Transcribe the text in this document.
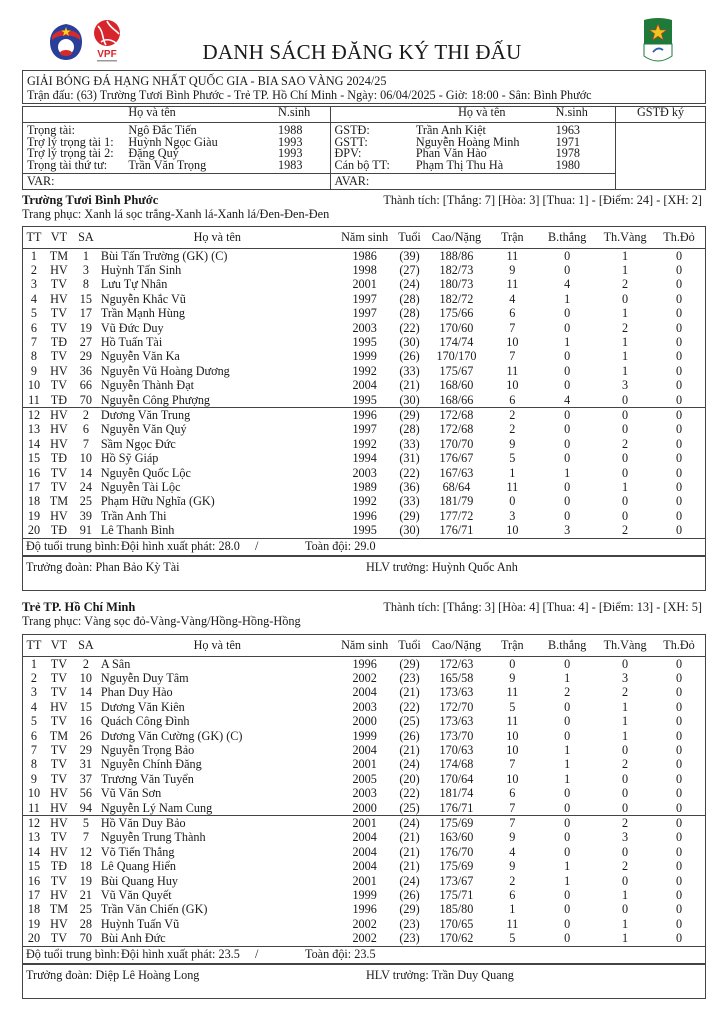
VPF	DANH SÁCH ĐĂNG KÝ THI ĐẤU
GIẢI BÓNG ĐÁ HẠNG NHẤT QUỐC GIA - BIA SAO VÀNG 2024/25
Trận đấu: (63) Trường Tươi Bình Phước - Trẻ TP. Hồ Chí Minh - Ngày: 06/04/2025 - Giờ: 18:00 - Sân: Bình Phước
	Họ và tên	N.sinh		Họ và tên	N.sinh	GSTĐ ký
Trọng tài:	Ngô Đắc Tiến	1988	GSTĐ:	Trần Anh Kiệt	1963	
Trợ lý trọng tài 1:	Huỳnh Ngọc Giàu	1993	GSTT:	Nguyễn Hoàng Minh	1971	
Trợ lý trọng tài 2:	Đặng Quý	1993	ĐPV:	Phan Văn Hào	1978	
Trọng tài thứ tư:	Trần Văn Trọng	1983	Cán bộ TT:	Phạm Thị Thu Hà	1980	
VAR:			AVAR:			
Trường Tươi Bình Phước	Thành tích: [Thắng: 7] [Hòa: 3] [Thua: 1] - [Điểm: 24] - [XH: 2]
Trang phục: Xanh lá sọc trắng-Xanh lá-Xanh lá/Đen-Đen-Đen
TT	VT	SA	Họ và tên	Năm sinh	Tuổi	Cao/Nặng	Trận	B.thắng	Th.Vàng	Th.Đỏ
1	TM	1	Bùi Tấn Trường (GK) (C)	1986	(39)	188/86	11	0	1	0
2	HV	3	Huỳnh Tấn Sinh	1998	(27)	182/73	9	0	1	0
3	TV	8	Lưu Tự Nhân	2001	(24)	180/73	11	4	2	0
4	HV	15	Nguyễn Khắc Vũ	1997	(28)	182/72	4	1	0	0
5	TV	17	Trần Mạnh Hùng	1997	(28)	175/66	6	0	1	0
6	TV	19	Vũ Đức Duy	2003	(22)	170/60	7	0	2	0
7	TĐ	27	Hồ Tuấn Tài	1995	(30)	174/74	10	1	1	0
8	TV	29	Nguyễn Văn Ka	1999	(26)	170/170	7	0	1	0
9	HV	36	Nguyễn Vũ Hoàng Dương	1992	(33)	175/67	11	0	1	0
10	TV	66	Nguyễn Thành Đạt	2004	(21)	168/60	10	0	3	0
11	TĐ	70	Nguyễn Công Phượng	1995	(30)	168/66	6	4	0	0
12	HV	2	Dương Văn Trung	1996	(29)	172/68	2	0	0	0
13	HV	6	Nguyễn Văn Quý	1997	(28)	172/68	2	0	0	0
14	HV	7	Sầm Ngọc Đức	1992	(33)	170/70	9	0	2	0
15	TĐ	10	Hồ Sỹ Giáp	1994	(31)	176/67	5	0	0	0
16	TV	14	Nguyễn Quốc Lộc	2003	(22)	167/63	1	1	0	0
17	TV	24	Nguyễn Tài Lộc	1989	(36)	68/64	11	0	1	0
18	TM	25	Phạm Hữu Nghĩa (GK)	1992	(33)	181/79	0	0	0	0
19	HV	39	Trần Anh Thi	1996	(29)	177/72	3	0	0	0
20	TĐ	91	Lê Thanh Bình	1995	(30)	176/71	10	3	2	0
Độ tuổi trung bình:Đội hình xuất phát: 28.0 /	Toàn đội: 29.0
Trưởng đoàn: Phan Bảo Kỳ Tài	HLV trưởng: Huỳnh Quốc Anh
Trẻ TP. Hồ Chí Minh	Thành tích: [Thắng: 3] [Hòa: 4] [Thua: 4] - [Điểm: 13] - [XH: 5]
Trang phục: Vàng sọc đỏ-Vàng-Vàng/Hồng-Hồng-Hồng
TT	VT	SA	Họ và tên	Năm sinh	Tuổi	Cao/Nặng	Trận	B.thắng	Th.Vàng	Th.Đỏ
1	TV	2	A Sân	1996	(29)	172/63	0	0	0	0
2	TV	10	Nguyễn Duy Tâm	2002	(23)	165/58	9	1	3	0
3	TV	14	Phan Duy Hào	2004	(21)	173/63	11	2	2	0
4	HV	15	Dương Văn Kiên	2003	(22)	172/70	5	0	1	0
5	TV	16	Quách Công Đình	2000	(25)	173/63	11	0	1	0
6	TM	26	Dương Văn Cường (GK) (C)	1999	(26)	173/70	10	0	1	0
7	TV	29	Nguyễn Trọng Bảo	2004	(21)	170/63	10	1	0	0
8	TV	31	Nguyễn Chính Đăng	2001	(24)	174/68	7	1	2	0
9	TV	37	Trương Văn Tuyển	2005	(20)	170/64	10	1	0	0
10	HV	56	Vũ Văn Sơn	2003	(22)	181/74	6	0	0	0
11	HV	94	Nguyễn Lý Nam Cung	2000	(25)	176/71	7	0	0	0
12	HV	5	Hồ Văn Duy Bảo	2001	(24)	175/69	7	0	2	0
13	TV	7	Nguyễn Trung Thành	2004	(21)	163/60	9	0	3	0
14	HV	12	Võ Tiến Thắng	2004	(21)	176/70	4	0	0	0
15	TĐ	18	Lê Quang Hiển	2004	(21)	175/69	9	1	2	0
16	TV	19	Bùi Quang Huy	2001	(24)	173/67	2	1	0	0
17	HV	21	Vũ Văn Quyết	1999	(26)	175/71	6	0	1	0
18	TM	25	Trần Văn Chiến (GK)	1996	(29)	185/80	1	0	0	0
19	HV	28	Huỳnh Tuấn Vũ	2002	(23)	170/65	11	0	1	0
20	TV	70	Bùi Anh Đức	2002	(23)	170/62	5	0	1	0
Độ tuổi trung bình:Đội hình xuất phát: 23.5 /	Toàn đội: 23.5
Trưởng đoàn: Diệp Lê Hoàng Long	HLV trưởng: Trần Duy Quang
